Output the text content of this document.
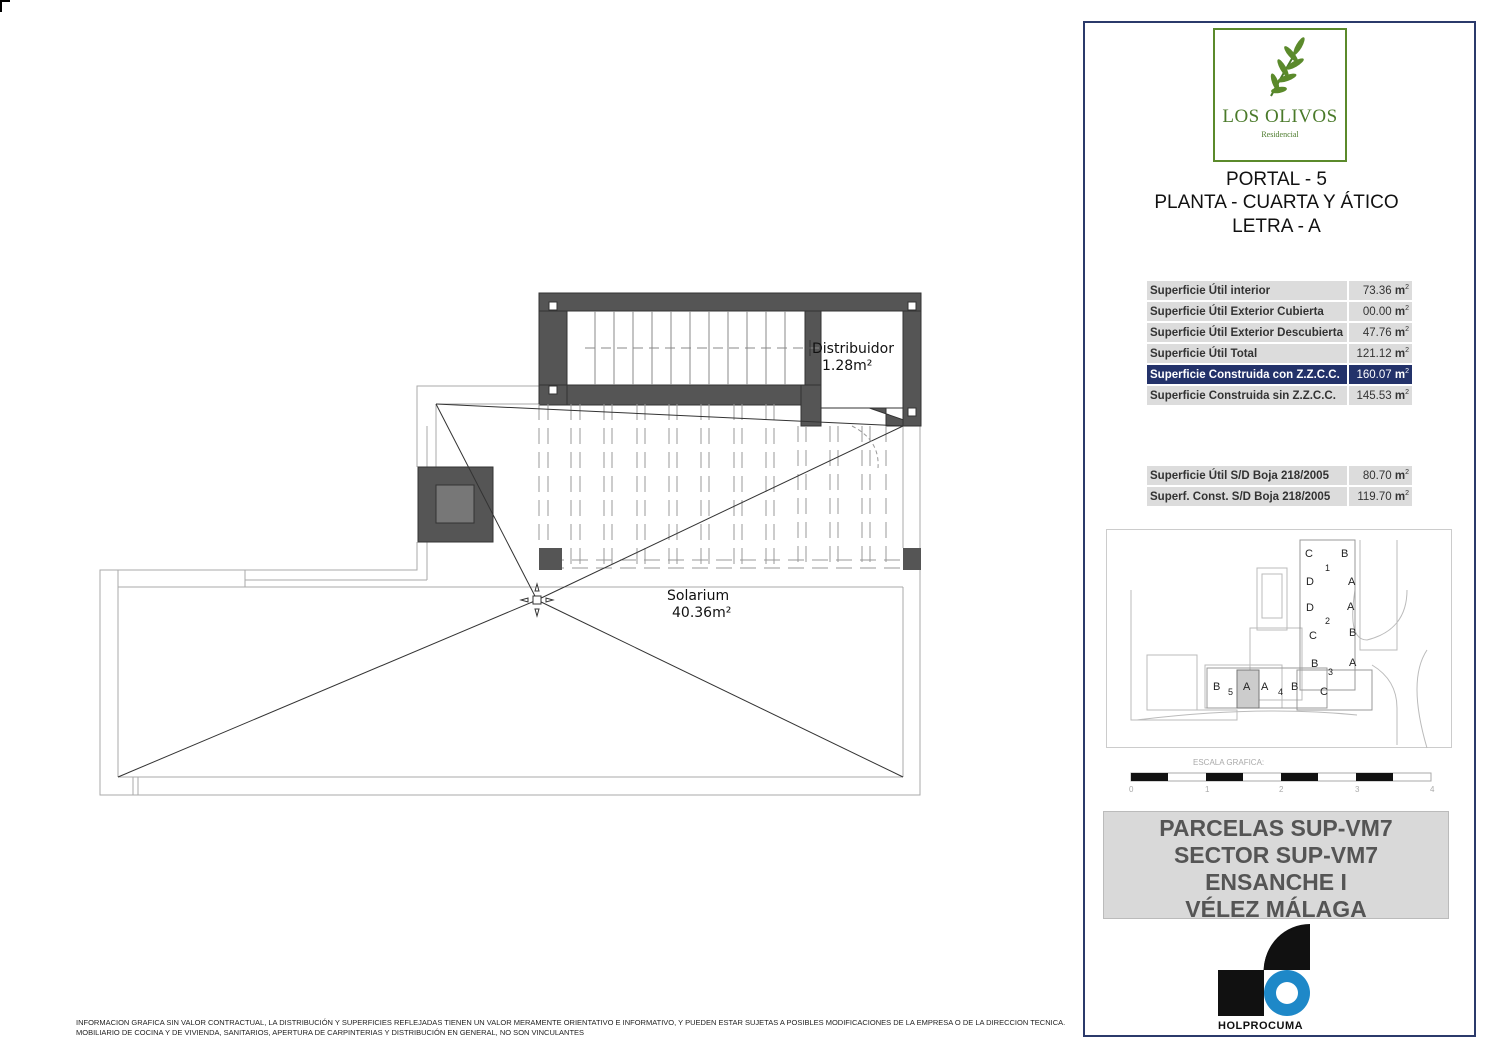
Distribuidor
1.28m²
Solarium
40.36m²
LOS OLIVOS
Residencial
PORTAL - 5
PLANTA - CUARTA Y ÁTICO
LETRA - A
Superficie Útil interior	73.36 $m^2$
Superficie Útil Exterior Cubierta	00.00 $m^2$
Superficie Útil Exterior Descubierta	47.76 $m^2$
Superficie Útil Total	121.12 $m^2$
Superficie Construida con Z.Z.C.C.	160.07 $m^2$
Superficie Construida sin Z.Z.C.C.	145.53 $m^2$
Superficie Útil S/D Boja 218/2005	80.70 $m^2$
Superf. Const. S/D Boja 218/2005	119.70 $m^2$
C	B
1
D	A
D	A
2
C	B
B
3
A
B 5 A A 4 B C
ESCALA GRAFICA:
0	1	2	3	4
PARCELAS SUP-VM7
SECTOR SUP-VM7
ENSANCHE I
VÉLEZ MÁLAGA
HOLPROCUMA
INFORMACION GRAFICA SIN VALOR CONTRACTUAL, LA DISTRIBUCIÓN Y SUPERFICIES REFLEJADAS TIENEN UN VALOR MERAMENTE ORIENTATIVO E INFORMATIVO, Y PUEDEN ESTAR SUJETAS A POSIBLES MODIFICACIONES DE LA EMPRESA O DE LA DIRECCION TECNICA.
MOBILIARIO DE COCINA Y DE VIVIENDA, SANITARIOS, APERTURA DE CARPINTERIAS Y DISTRIBUCIÓN EN GENERAL, NO SON VINCULANTES
